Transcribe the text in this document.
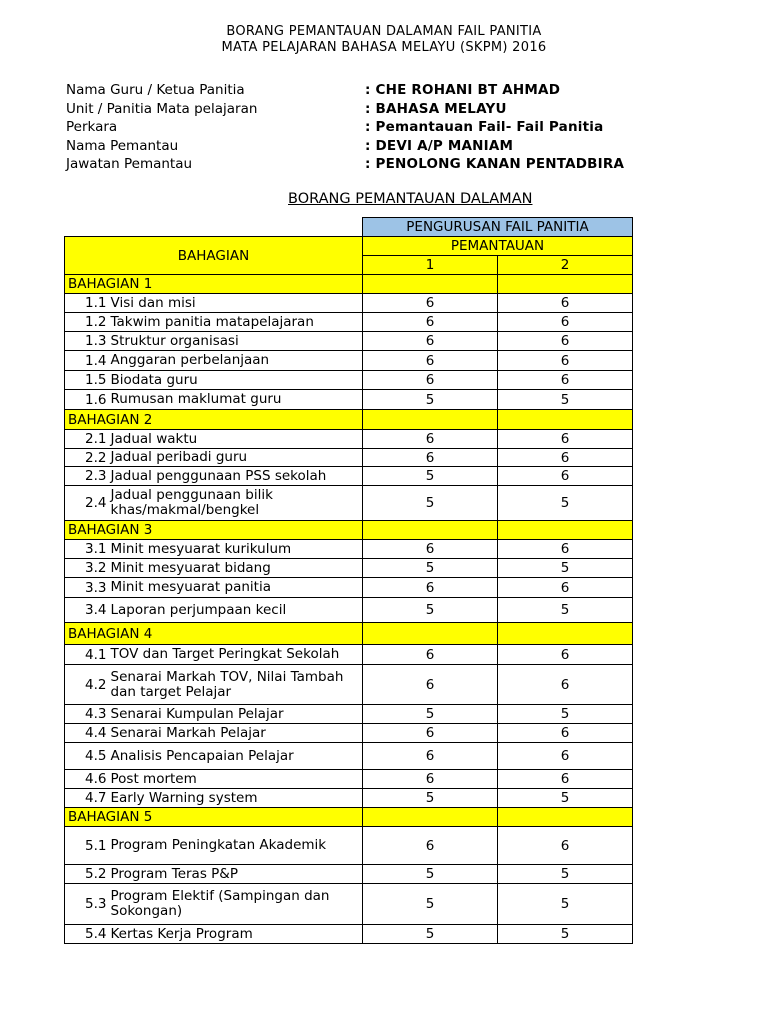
BORANG PEMANTAUAN DALAMAN FAIL PANITIA
MATA PELAJARAN BAHASA MELAYU (SKPM) 2016
Nama Guru / Ketua Panitia	: CHE ROHANI BT AHMAD
Unit / Panitia Mata pelajaran	: BAHASA MELAYU
Perkara	: Pemantauan Fail- Fail Panitia
Nama Pemantau	: DEVI A/P MANIAM
Jawatan Pemantau	: PENOLONG KANAN PENTADBIRA
BORANG PEMANTAUAN DALAMAN
		PENGURUSAN FAIL PANITIA	
BAHAGIAN		PEMANTAUAN	
		1	2
BAHAGIAN 1			
1.1	Visi dan misi	6	6
1.2	Takwim panitia matapelajaran	6	6
1.3	Struktur organisasi	6	6
1.4	Anggaran perbelanjaan	6	6
1.5	Biodata guru	6	6
1.6	Rumusan maklumat guru	5	5
BAHAGIAN 2			
2.1	Jadual waktu	6	6
2.2	Jadual peribadi guru	6	6
2.3	Jadual penggunaan PSS sekolah	5	6
2.4	Jadual penggunaan bilik khas/makmal/bengkel	5	5
BAHAGIAN 3			
3.1	Minit mesyuarat kurikulum	6	6
3.2	Minit mesyuarat bidang	5	5
3.3	Minit mesyuarat panitia	6	6
3.4	Laporan perjumpaan kecil	5	5
BAHAGIAN 4			
4.1	TOV dan Target Peringkat Sekolah	6	6
4.2	Senarai Markah TOV, Nilai Tambah dan target Pelajar	6	6
4.3	Senarai Kumpulan Pelajar	5	5
4.4	Senarai Markah Pelajar	6	6
4.5	Analisis Pencapaian Pelajar	6	6
4.6	Post mortem	6	6
4.7	Early Warning system	5	5
BAHAGIAN 5			
5.1	Program Peningkatan Akademik	6	6
5.2	Program Teras P&P	5	5
5.3	Program Elektif (Sampingan dan Sokongan)	5	5
5.4	Kertas Kerja Program	5	5
